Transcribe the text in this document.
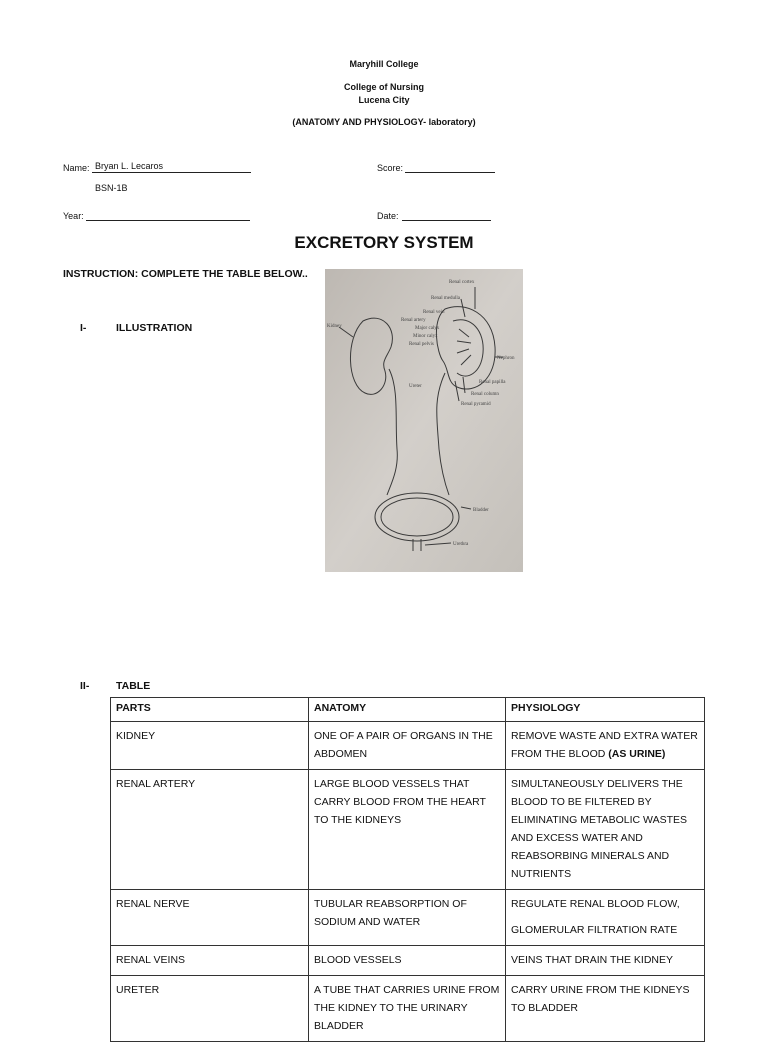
Maryhill College
College of Nursing
Lucena City
(ANATOMY AND PHYSIOLOGY- laboratory)
Name: Bryan L. Lecaros
BSN-1B
Score:
Year:	Date:
EXCRETORY SYSTEM
INSTRUCTION: COMPLETE THE TABLE BELOW..
I-	ILLUSTRATION	Kidney
Renal cortex
Renal medulla
Renal vein
Renal artery
Major calyx
Minor calyx
Renal pelvis
Nephron
Ureter
Renal papilla
Renal column
Renal pyramid
Bladder
Urethra
II-	TABLE
PARTS	ANATOMY	PHYSIOLOGY
KIDNEY	ONE OF A PAIR OF ORGANS IN THE ABDOMEN	REMOVE WASTE AND EXTRA WATER FROM THE BLOOD (AS URINE)
RENAL ARTERY	LARGE BLOOD VESSELS THAT CARRY BLOOD FROM THE HEART TO THE KIDNEYS	SIMULTANEOUSLY DELIVERS THE BLOOD TO BE FILTERED BY ELIMINATING METABOLIC WASTES AND EXCESS WATER AND REABSORBING MINERALS AND NUTRIENTS
RENAL NERVE	TUBULAR REABSORPTION OF SODIUM AND WATER	REGULATE RENAL BLOOD FLOW,
GLOMERULAR FILTRATION RATE

RENAL VEINS	BLOOD VESSELS	VEINS THAT DRAIN THE KIDNEY
URETER	A TUBE THAT CARRIES URINE FROM THE KIDNEY TO THE URINARY BLADDER	CARRY URINE FROM THE KIDNEYS TO BLADDER
